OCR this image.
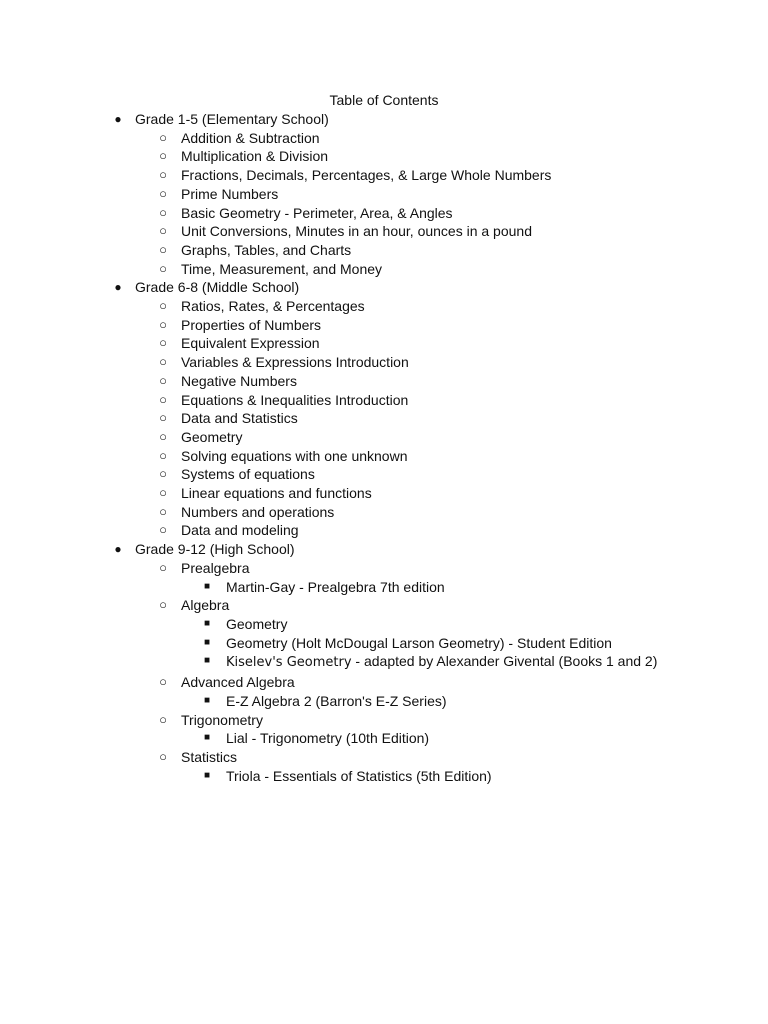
Table of Contents
● Grade 1-5 (Elementary School)
○ Addition & Subtraction
○ Multiplication & Division
○ Fractions, Decimals, Percentages, & Large Whole Numbers
○ Prime Numbers
○ Basic Geometry - Perimeter, Area, & Angles
○ Unit Conversions, Minutes in an hour, ounces in a pound
○ Graphs, Tables, and Charts
○ Time, Measurement, and Money
● Grade 6-8 (Middle School)
○ Ratios, Rates, & Percentages
○ Properties of Numbers
○ Equivalent Expression
○ Variables & Expressions Introduction
○ Negative Numbers
○ Equations & Inequalities Introduction
○ Data and Statistics
○ Geometry
○ Solving equations with one unknown
○ Systems of equations
○ Linear equations and functions
○ Numbers and operations
○ Data and modeling
● Grade 9-12 (High School)
○ Prealgebra
■ Martin-Gay - Prealgebra 7th edition
○ Algebra
■ Geometry
■ Geometry (Holt McDougal Larson Geometry) - Student Edition
■	Kiselev's Geometry - adapted by Alexander Givental (Books 1 and 2)
○ Advanced Algebra
■ E-Z Algebra 2 (Barron's E-Z Series)
○ Trigonometry
■ Lial - Trigonometry (10th Edition)
○ Statistics
■ Triola - Essentials of Statistics (5th Edition)
